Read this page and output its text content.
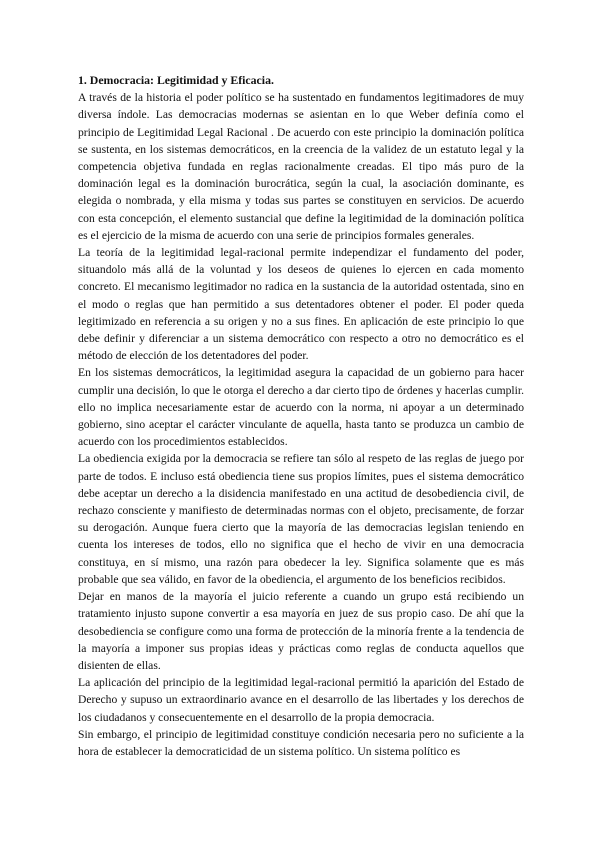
1. Democracia: Legitimidad y Eficacia.

A través de la historia el poder político se ha sustentado en fundamentos legitimadores de muy diversa índole. Las democracias modernas se asientan en lo que Weber definía como el principio de Legitimidad Legal Racional . De acuerdo con este principio la dominación política se sustenta, en los sistemas democráticos, en la creencia de la validez de un estatuto legal y la competencia objetiva fundada en reglas racionalmente creadas. El tipo más puro de la dominación legal es la dominación burocrática, según la cual, la asociación dominante, es elegida o nombrada, y ella misma y todas sus partes se constituyen en servicios. De acuerdo con esta concepción, el elemento sustancial que define la legitimidad de la dominación política es el ejercicio de la misma de acuerdo con una serie de principios formales generales.

La teoría de la legitimidad legal-racional permite independizar el fundamento del poder, situandolo más allá de la voluntad y los deseos de quienes lo ejercen en cada momento concreto. El mecanismo legitimador no radica en la sustancia de la autoridad ostentada, sino en el modo o reglas que han permitido a sus detentadores obtener el poder. El poder queda legitimizado en referencia a su origen y no a sus fines. En aplicación de este principio lo que debe definir y diferenciar a un sistema democrático con respecto a otro no democrático es el método de elección de los detentadores del poder.

En los sistemas democráticos, la legitimidad asegura la capacidad de un gobierno para hacer cumplir una decisión, lo que le otorga el derecho a dar cierto tipo de órdenes y hacerlas cumplir. ello no implica necesariamente estar de acuerdo con la norma, ni apoyar a un determinado gobierno, sino aceptar el carácter vinculante de aquella, hasta tanto se produzca un cambio de acuerdo con los procedimientos establecidos.

La obediencia exigida por la democracia se refiere tan sólo al respeto de las reglas de juego por parte de todos. E incluso está obediencia tiene sus propios límites, pues el sistema democrático debe aceptar un derecho a la disidencia manifestado en una actitud de desobediencia civil, de rechazo consciente y manifiesto de determinadas normas con el objeto, precisamente, de forzar su derogación. Aunque fuera cierto que la mayoría de las democracias legislan teniendo en cuenta los intereses de todos, ello no significa que el hecho de vivir en una democracia constituya, en sí mismo, una razón para obedecer la ley. Significa solamente que es más probable que sea válido, en favor de la obediencia, el argumento de los beneficios recibidos.

Dejar en manos de la mayoría el juicio referente a cuando un grupo está recibiendo un tratamiento injusto supone convertir a esa mayoría en juez de sus propio caso. De ahí que la desobediencia se configure como una forma de protección de la minoría frente a la tendencia de la mayoría a imponer sus propias ideas y prácticas como reglas de conducta aquellos que disienten de ellas.

La aplicación del principio de la legitimidad legal-racional permitió la aparición del Estado de Derecho y supuso un extraordinario avance en el desarrollo de las libertades y los derechos de los ciudadanos y consecuentemente en el desarrollo de la propia democracia.

Sin embargo, el principio de legitimidad constituye condición necesaria pero no suficiente a la hora de establecer la democraticidad de un sistema político. Un sistema político es
